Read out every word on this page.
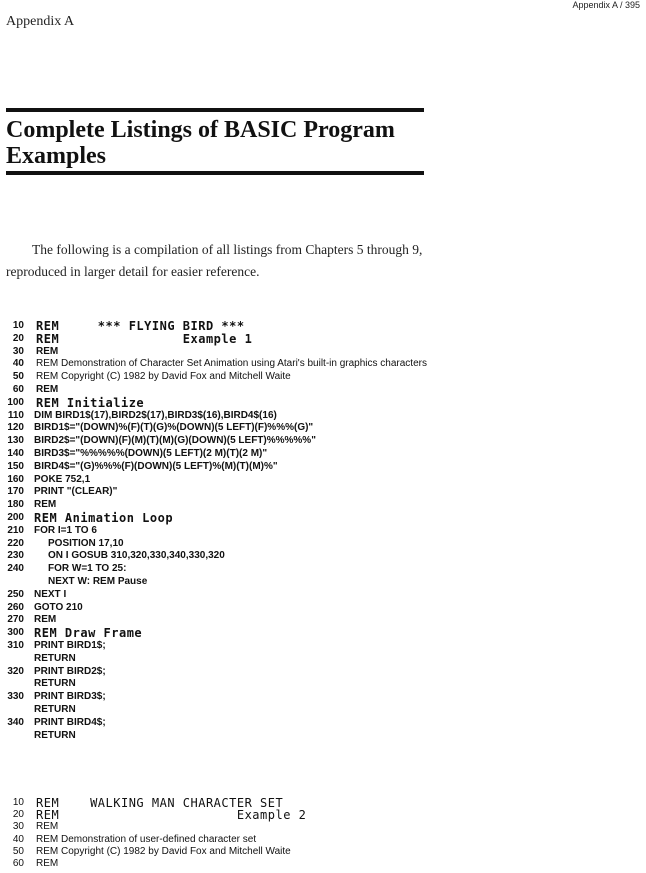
Appendix A / 395
Appendix A
Complete Listings of BASIC Program Examples

The following is a compilation of all listings from Chapters 5 through 9, reproduced in larger detail for easier reference.

10 REM     *** FLYING BIRD ***
20 REM                Example 1
30 REM
40 REM Demonstration of Character Set Animation using Atari's built-in graphics characters
50 REM Copyright (C) 1982 by David Fox and Mitchell Waite
60 REM
100 REM Initialize
110 DIM BIRD1$(17),BIRD2$(17),BIRD3$(16),BIRD4$(16)
120 BIRD1$="(DOWN)%(F)(T)(G)%(DOWN)(5 LEFT)(F)%%%(G)"
130 BIRD2$="(DOWN)(F)(M)(T)(M)(G)(DOWN)(5 LEFT)%%%%%"
140 BIRD3$="%%%%%(DOWN)(5 LEFT)(2 M)(T)(2 M)"
150 BIRD4$="(G)%%%(F)(DOWN)(5 LEFT)%(M)(T)(M)%"
160 POKE 752,1
170 PRINT "(CLEAR)"
180 REM
200 REM Animation Loop
210 FOR I=1 TO 6
220 POSITION 17,10
230 ON I GOSUB 310,320,330,340,330,320
240 FOR W=1 TO 25:
NEXT W: REM Pause
250 NEXT I
260 GOTO 210
270 REM
300 REM Draw Frame
310 PRINT BIRD1$;
RETURN
320 PRINT BIRD2$;
RETURN
330 PRINT BIRD3$;
RETURN
340 PRINT BIRD4$;
RETURN
10 REM    WALKING MAN CHARACTER SET
20 REM                       Example 2
30 REM
40 REM Demonstration of user-defined character set
50 REM Copyright (C) 1982 by David Fox and Mitchell Waite
60 REM
